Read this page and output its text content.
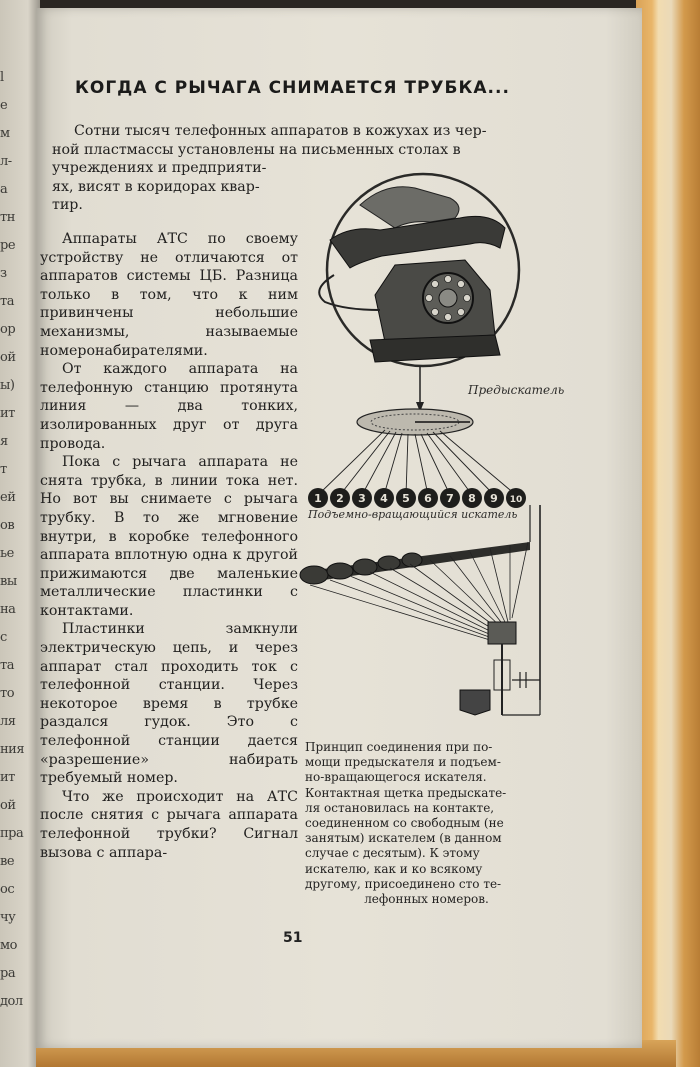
l
е
м
л-
а
тн
ре
з
та
ор
ой
ы)
ит
я
т
ей
ов
ье
вы
на
с
та
то
ля
ния
ит
ой
пра
ве
ос
чу
мо
ра
дол
КОГДА С РЫЧАГА СНИМАЕТСЯ ТРУБКА...
Сотни тысяч телефонных аппаратов в кожухах из чер-
ной пластмассы установлены на письменных столах в
учреждениях и предприяти-
ях, висят в коридорах квар-
тир.

Аппараты АТС по своему устройству не отличаются от аппаратов системы ЦБ. Разница только в том, что к ним привинчены небольшие механизмы, называемые номеронабирателями.

От каждого аппарата на телефонную станцию протянута линия — два тонких, изолированных друг от друга провода.

Пока с рычага аппарата не снята трубка, в линии тока нет. Но вот вы снимаете с рычага трубку. В то же мгновение внутри, в коробке телефонного аппарата вплотную одна к другой прижимаются две маленькие металлические пластинки с контактами.

Пластинки замкнули электрическую цепь, и через аппарат стал проходить ток с телефонной станции. Через некоторое время в трубке раздался гудок. Это с телефонной станции дается «разрешение» набирать требуемый номер.

Что же происходит на АТС после снятия с рычага аппарата телефонной трубки? Сигнал вызова с аппара-

1 2 3 4 5 6 7 8 9 10
Предыскатель
Подъемно-вращающийся искатель
Принцип соединения при по-
мощи предыскателя и подъем-
но-вращающегося искателя.
Контактная щетка предыскате-
ля остановилась на контакте,
соединенном со свободным (не
занятым) искателем (в данном
случае с десятым). К этому
искателю, как и ко всякому
другому, присоединено сто те-
лефонных номеров.
51
